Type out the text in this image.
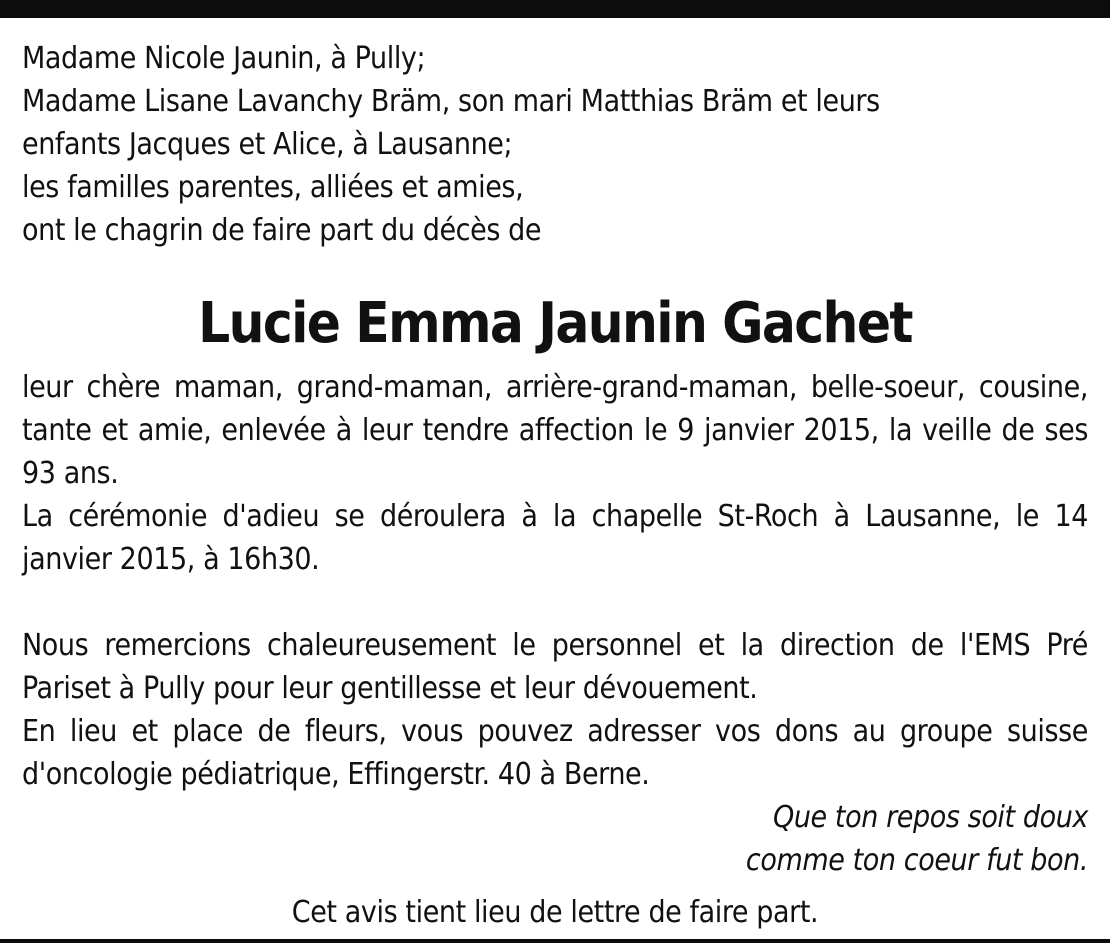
Madame Nicole Jaunin, à Pully;
Madame Lisane Lavanchy Bräm, son mari Matthias Bräm et leurs
enfants Jacques et Alice, à Lausanne;
les familles parentes, alliées et amies,
ont le chagrin de faire part du décès de
Lucie Emma Jaunin Gachet

leur chère maman, grand-maman, arrière-grand-maman, belle-soeur, cousine, tante et amie, enlevée à leur tendre affection le 9 janvier 2015, la veille de ses 93 ans.

La cérémonie d'adieu se déroulera à la chapelle St-Roch à Lausanne, le 14 janvier 2015, à 16h30.

Nous remercions chaleureusement le personnel et la direction de l'EMS Pré Pariset à Pully pour leur gentillesse et leur dévouement.

En lieu et place de fleurs, vous pouvez adresser vos dons au groupe suisse d'oncologie pédiatrique, Effingerstr. 40 à Berne.

Que ton repos soit doux
comme ton coeur fut bon.
Cet avis tient lieu de lettre de faire part.
